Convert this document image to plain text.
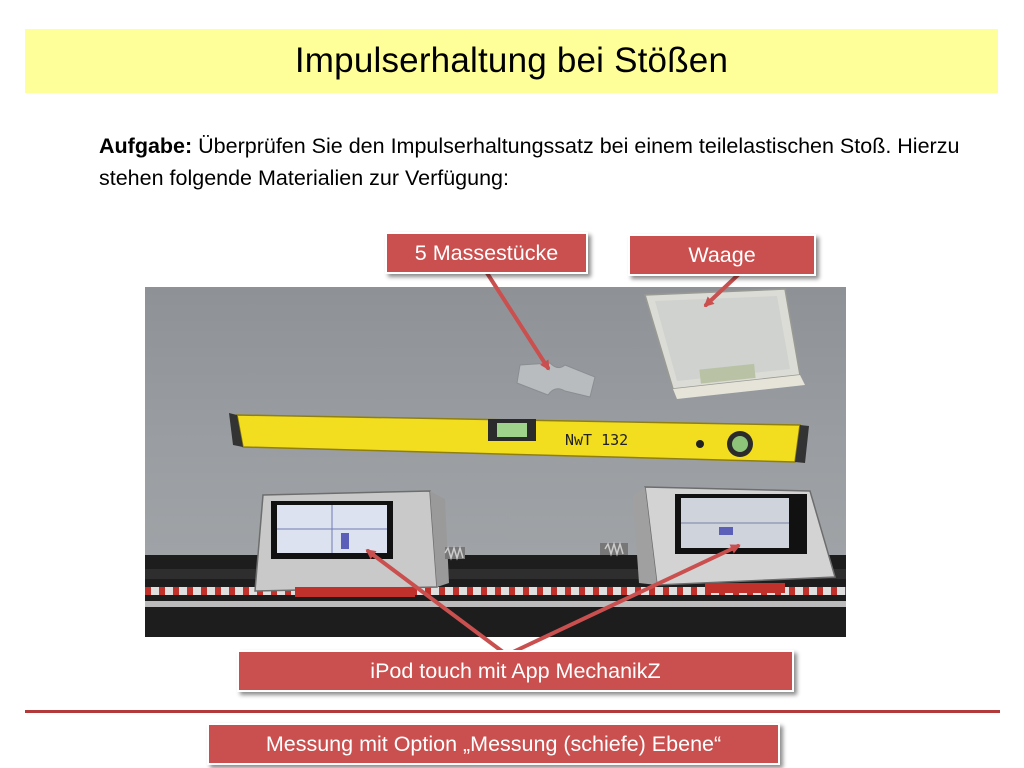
Impulserhaltung bei Stößen
Aufgabe: Überprüfen Sie den Impulserhaltungssatz bei einem teilelastischen Stoß. Hierzu stehen folgende Materialien zur Verfügung:
NwT 132
5 Massestücke	Waage
iPod touch mit App MechanikZ
Messung mit Option „Messung (schiefe) Ebene“
